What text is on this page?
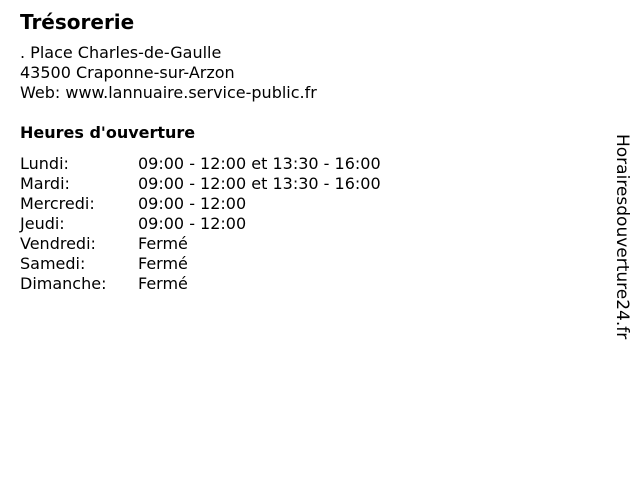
Trésorerie
. Place Charles-de-Gaulle
43500 Craponne-sur-Arzon
Web: www.lannuaire.service-public.fr
Heures d'ouverture
Lundi:	09:00 - 12:00 et 13:30 - 16:00
Mardi:	09:00 - 12:00 et 13:30 - 16:00
Mercredi:	09:00 - 12:00
Jeudi:	09:00 - 12:00
Vendredi:	Fermé
Samedi:	Fermé
Dimanche:	Fermé	Horairesdouverture24.fr
